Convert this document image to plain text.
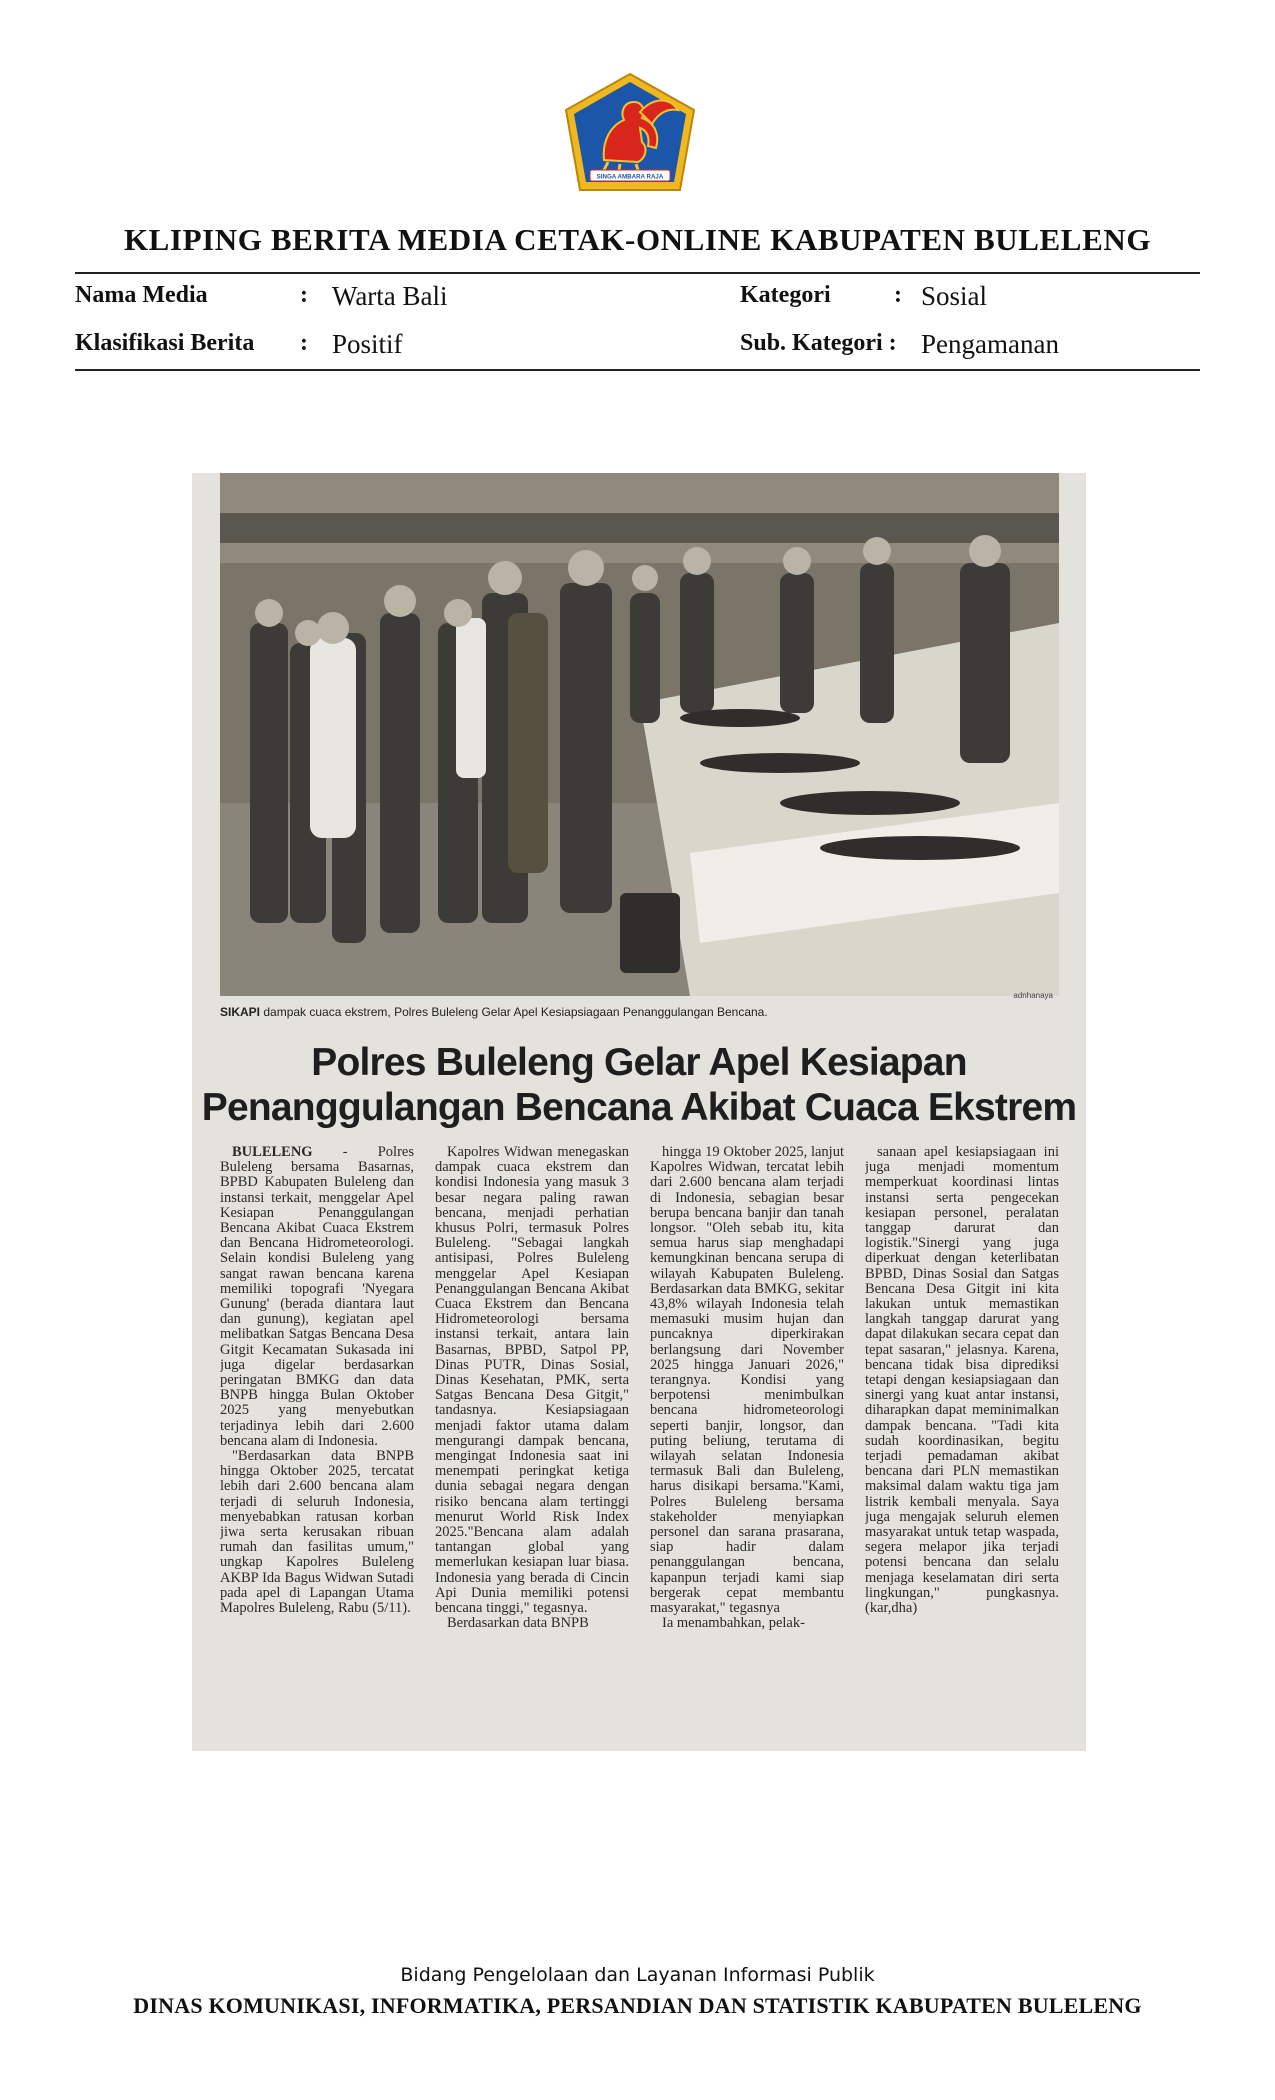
SINGA AMBARA RAJA
KLIPING BERITA MEDIA CETAK-ONLINE KABUPATEN BULELENG
Nama Media	: Warta Bali	Kategori	: Sosial
Klasifikasi Berita : Positif	Sub. Kategori : Pengamanan
SIKAPI dampak cuaca ekstrem, Polres Buleleng Gelar Apel Kesiapsiagaan Penanggulangan Bencana.
adnhanaya
Polres Buleleng Gelar Apel Kesiapan
Penanggulangan Bencana Akibat Cuaca Ekstrem

BULELENG - Polres Buleleng bersama Basarnas, BPBD Kabupaten Buleleng dan instansi terkait, menggelar Apel Kesiapan Penanggulangan Bencana Akibat Cuaca Ekstrem dan Bencana Hidrometeorologi. Selain kondisi Buleleng yang sangat rawan bencana karena memiliki topografi 'Nyegara Gunung' (berada diantara laut dan gunung), kegiatan apel melibatkan Satgas Bencana Desa Gitgit Kecamatan Sukasada ini juga digelar berdasarkan peringatan BMKG dan data BNPB hingga Bulan Oktober 2025 yang menyebutkan terjadinya lebih dari 2.600 bencana alam di Indonesia.

"Berdasarkan data BNPB hingga Oktober 2025, tercatat lebih dari 2.600 bencana alam terjadi di seluruh Indonesia, menyebabkan ratusan korban jiwa serta kerusakan ribuan rumah dan fasilitas umum," ungkap Kapolres Buleleng AKBP Ida Bagus Widwan Sutadi pada apel di Lapangan Utama Mapolres Buleleng, Rabu (5/11).

Kapolres Widwan menegaskan dampak cuaca ekstrem dan kondisi Indonesia yang masuk 3 besar negara paling rawan bencana, menjadi perhatian khusus Polri, termasuk Polres Buleleng. "Sebagai langkah antisipasi, Polres Buleleng menggelar Apel Kesiapan Penanggulangan Bencana Akibat Cuaca Ekstrem dan Bencana Hidrometeorologi bersama instansi terkait, antara lain Basarnas, BPBD, Satpol PP, Dinas PUTR, Dinas Sosial, Dinas Kesehatan, PMK, serta Satgas Bencana Desa Gitgit," tandasnya. Kesiapsiagaan menjadi faktor utama dalam mengurangi dampak bencana, mengingat Indonesia saat ini menempati peringkat ketiga dunia sebagai negara dengan risiko bencana alam tertinggi menurut World Risk Index 2025."Bencana alam adalah tantangan global yang memerlukan kesiapan luar biasa. Indonesia yang berada di Cincin Api Dunia memiliki potensi bencana tinggi," tegasnya.

Berdasarkan data BNPB

hingga 19 Oktober 2025, lanjut Kapolres Widwan, tercatat lebih dari 2.600 bencana alam terjadi di Indonesia, sebagian besar berupa bencana banjir dan tanah longsor. "Oleh sebab itu, kita semua harus siap menghadapi kemungkinan bencana serupa di wilayah Kabupaten Buleleng. Berdasarkan data BMKG, sekitar 43,8% wilayah Indonesia telah memasuki musim hujan dan puncaknya diperkirakan berlangsung dari November 2025 hingga Januari 2026," terangnya. Kondisi yang berpotensi menimbulkan bencana hidrometeorologi seperti banjir, longsor, dan puting beliung, terutama di wilayah selatan Indonesia termasuk Bali dan Buleleng, harus disikapi bersama."Kami, Polres Buleleng bersama stakeholder menyiapkan personel dan sarana prasarana, siap hadir dalam penanggulangan bencana, kapanpun terjadi kami siap bergerak cepat membantu masyarakat," tegasnya

Ia menambahkan, pelak-

sanaan apel kesiapsiagaan ini juga menjadi momentum memperkuat koordinasi lintas instansi serta pengecekan kesiapan personel, peralatan tanggap darurat dan logistik."Sinergi yang juga diperkuat dengan keterlibatan BPBD, Dinas Sosial dan Satgas Bencana Desa Gitgit ini kita lakukan untuk memastikan langkah tanggap darurat yang dapat dilakukan secara cepat dan tepat sasaran," jelasnya. Karena, bencana tidak bisa diprediksi tetapi dengan kesiapsiagaan dan sinergi yang kuat antar instansi, diharapkan dapat meminimalkan dampak bencana. "Tadi kita sudah koordinasikan, begitu terjadi pemadaman akibat bencana dari PLN memastikan maksimal dalam waktu tiga jam listrik kembali menyala. Saya juga mengajak seluruh elemen masyarakat untuk tetap waspada, segera melapor jika terjadi potensi bencana dan selalu menjaga keselamatan diri serta lingkungan," pungkasnya. (kar,dha)

Bidang Pengelolaan dan Layanan Informasi Publik
DINAS KOMUNIKASI, INFORMATIKA, PERSANDIAN DAN STATISTIK KABUPATEN BULELENG
